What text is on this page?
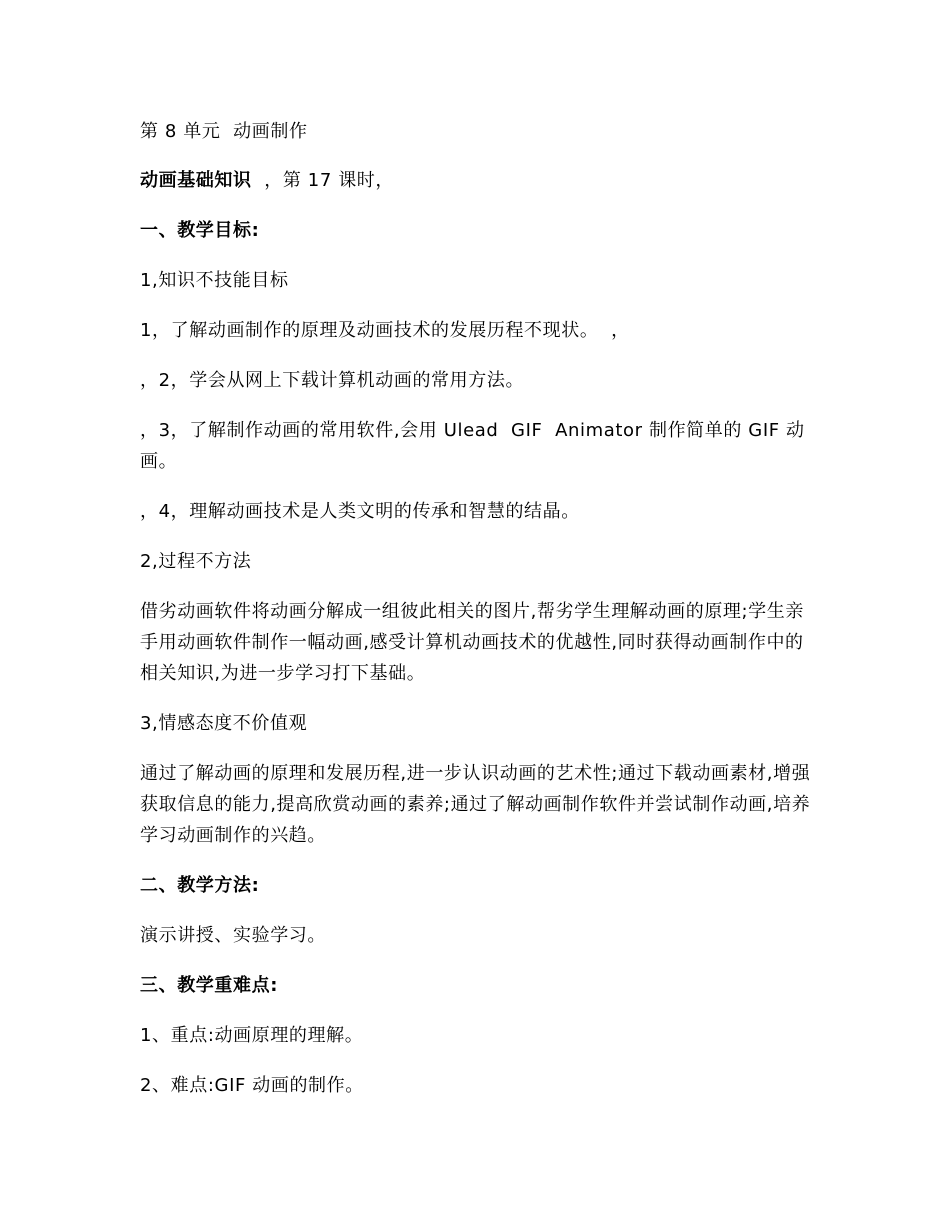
第 8 单元  动画制作

动画基础知识  ，第 17 课时，

一、教学目标:

1,知识不技能目标

1，了解动画制作的原理及动画技术的发展历程不现状。  ，

，2，学会从网上下载计算机动画的常用方法。

，3，了解制作动画的常用软件,会用 Ulead  GIF  Animator 制作简单的 GIF 动画。

，4，理解动画技术是人类文明的传承和智慧的结晶。

2,过程不方法

借劣动画软件将动画分解成一组彼此相关的图片,帮劣学生理解动画的原理;学生亲手用动画软件制作一幅动画,感受计算机动画技术的优越性,同时获得动画制作中的相关知识,为进一步学习打下基础。

3,情感态度不价值观

通过了解动画的原理和发展历程,进一步认识动画的艺术性;通过下载动画素材,增强获取信息的能力,提高欣赏动画的素养;通过了解动画制作软件并尝试制作动画,培养学习动画制作的兴趋。

二、教学方法:

演示讲授、实验学习。

三、教学重难点:

1、重点:动画原理的理解。

2、难点:GIF 动画的制作。
